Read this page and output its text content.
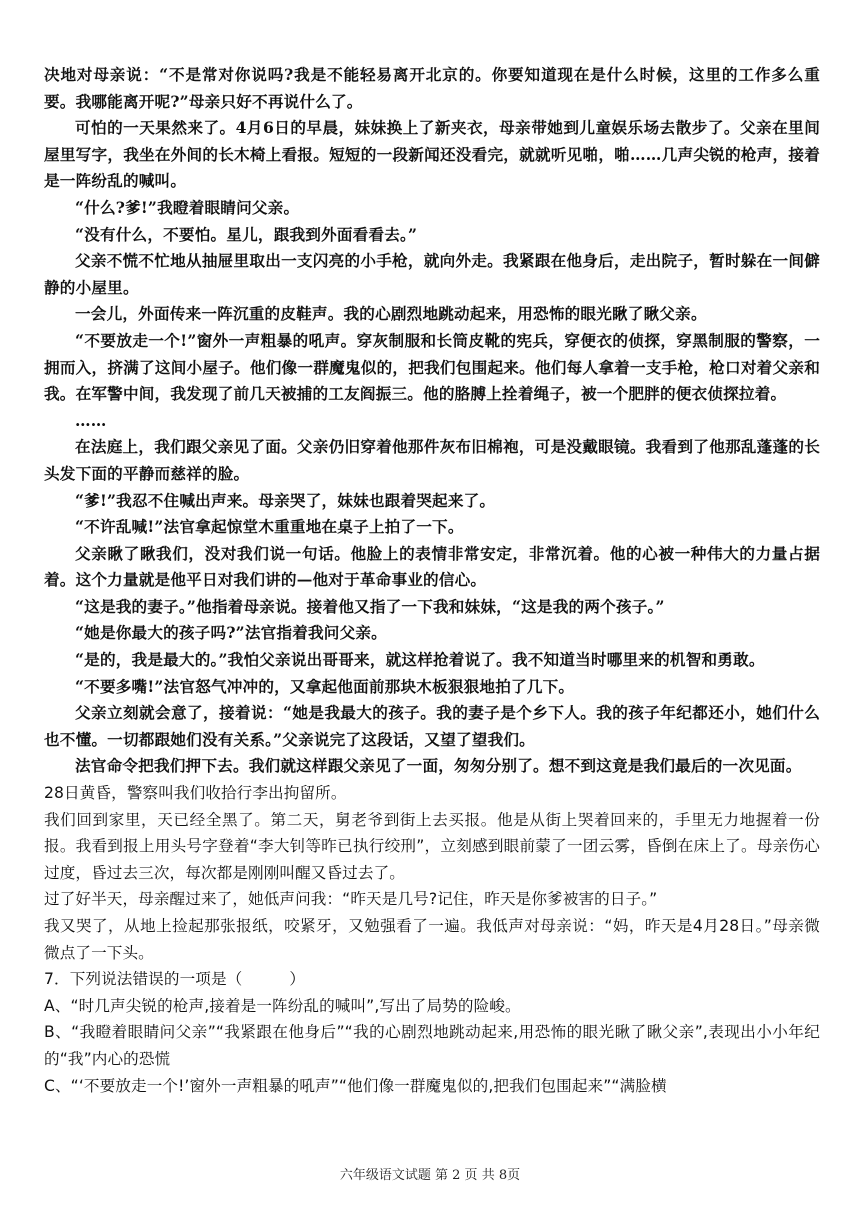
决地对母亲说：“不是常对你说吗?我是不能轻易离开北京的。你要知道现在是什么时候，这里的工作多么重要。我哪能离开呢?”母亲只好不再说什么了。

可怕的一天果然来了。4月6日的早晨，妹妹换上了新夹衣，母亲带她到儿童娱乐场去散步了。父亲在里间屋里写字，我坐在外间的长木椅上看报。短短的一段新闻还没看完，就就听见啪，啪……几声尖锐的枪声，接着是一阵纷乱的喊叫。

“什么?爹!”我瞪着眼睛问父亲。

“没有什么，不要怕。星儿，跟我到外面看看去。”

父亲不慌不忙地从抽屉里取出一支闪亮的小手枪，就向外走。我紧跟在他身后，走出院子，暂时躲在一间僻静的小屋里。

一会儿，外面传来一阵沉重的皮鞋声。我的心剧烈地跳动起来，用恐怖的眼光瞅了瞅父亲。

“不要放走一个!”窗外一声粗暴的吼声。穿灰制服和长筒皮靴的宪兵，穿便衣的侦探，穿黑制服的警察，一拥而入，挤满了这间小屋子。他们像一群魔鬼似的，把我们包围起来。他们每人拿着一支手枪，枪口对着父亲和我。在军警中间，我发现了前几天被捕的工友阎振三。他的胳膊上拴着绳子，被一个肥胖的便衣侦探拉着。

……

在法庭上，我们跟父亲见了面。父亲仍旧穿着他那件灰布旧棉袍，可是没戴眼镜。我看到了他那乱蓬蓬的长头发下面的平静而慈祥的脸。

“爹!”我忍不住喊出声来。母亲哭了，妹妹也跟着哭起来了。

“不许乱喊!”法官拿起惊堂木重重地在桌子上拍了一下。

父亲瞅了瞅我们，没对我们说一句话。他脸上的表情非常安定，非常沉着。他的心被一种伟大的力量占据着。这个力量就是他平日对我们讲的—他对于革命事业的信心。

“这是我的妻子。”他指着母亲说。接着他又指了一下我和妹妹，“这是我的两个孩子。”

“她是你最大的孩子吗?”法官指着我问父亲。

“是的，我是最大的。”我怕父亲说出哥哥来，就这样抢着说了。我不知道当时哪里来的机智和勇敢。

“不要多嘴!”法官怒气冲冲的，又拿起他面前那块木板狠狠地拍了几下。

父亲立刻就会意了，接着说：“她是我最大的孩子。我的妻子是个乡下人。我的孩子年纪都还小，她们什么也不懂。一切都跟她们没有关系。”父亲说完了这段话，又望了望我们。

法官命令把我们押下去。我们就这样跟父亲见了一面，匆匆分别了。想不到这竟是我们最后的一次见面。

28日黄昏，警察叫我们收拾行李出拘留所。

我们回到家里，天已经全黑了。第二天，舅老爷到街上去买报。他是从街上哭着回来的，手里无力地握着一份报。我看到报上用头号字登着“李大钊等昨已执行绞刑”，立刻感到眼前蒙了一团云雾，昏倒在床上了。母亲伤心过度，昏过去三次，每次都是刚刚叫醒又昏过去了。

过了好半天，母亲醒过来了，她低声问我：“昨天是几号?记住，昨天是你爹被害的日子。”

我又哭了，从地上捡起那张报纸，咬紧牙，又勉强看了一遍。我低声对母亲说：“妈，昨天是4月28日。”母亲微微点了一下头。

7．下列说法错误的一项是（　　　）

A、“时几声尖锐的枪声,接着是一阵纷乱的喊叫”,写出了局势的险峻。

B、“我瞪着眼睛问父亲”“我紧跟在他身后”“我的心剧烈地跳动起来,用恐怖的眼光瞅了瞅父亲”,表现出小小年纪的“我”内心的恐慌

C、“‘不要放走一个!’窗外一声粗暴的吼声”“他们像一群魔鬼似的,把我们包围起来”“满脸横

六年级语文试题 第 2 页 共 8页
